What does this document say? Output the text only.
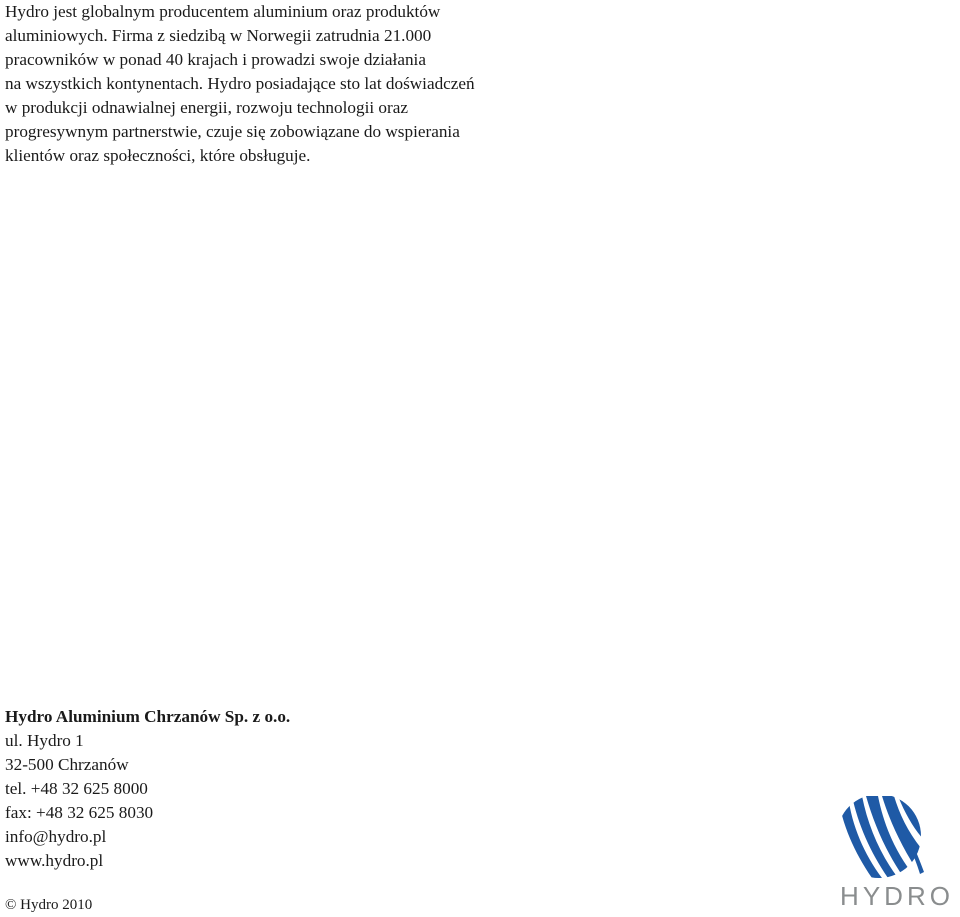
Hydro jest globalnym producentem aluminium oraz produktów
aluminiowych. Firma z siedzibą w Norwegii zatrudnia 21.000
pracowników w ponad 40 krajach i prowadzi swoje działania
na wszystkich kontynentach. Hydro posiadające sto lat doświadczeń
w produkcji odnawialnej energii, rozwoju technologii oraz
progresywnym partnerstwie, czuje się zobowiązane do wspierania
klientów oraz społeczności, które obsługuje.
Hydro Aluminium Chrzanów Sp. z o.o.
ul. Hydro 1
32-500 Chrzanów
tel. +48 32 625 8000
fax: +48 32 625 8030
info@hydro.pl
www.hydro.pl
© Hydro 2010	HYDRO
